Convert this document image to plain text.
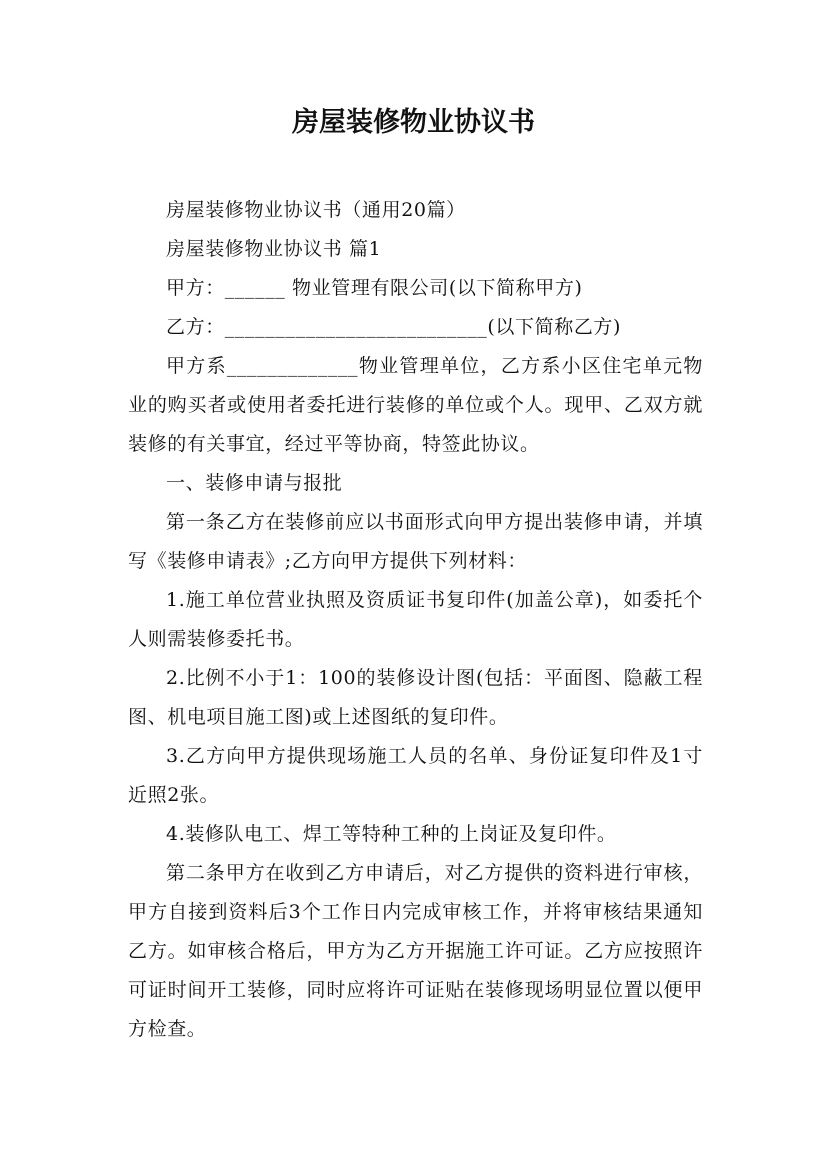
房屋装修物业协议书

房屋装修物业协议书（通用20篇）

房屋装修物业协议书 篇1

甲方：______ 物业管理有限公司(以下简称甲方)

乙方：__________________________(以下简称乙方)

甲方系_____________物业管理单位，乙方系小区住宅单元物业的购买者或使用者委托进行装修的单位或个人。现甲、乙双方就装修的有关事宜，经过平等协商，特签此协议。

一、装修申请与报批

第一条乙方在装修前应以书面形式向甲方提出装修申请，并填写《装修申请表》;乙方向甲方提供下列材料：

1.施工单位营业执照及资质证书复印件(加盖公章)，如委托个人则需装修委托书。

2.比例不小于1：100的装修设计图(包括：平面图、隐蔽工程图、机电项目施工图)或上述图纸的复印件。

3.乙方向甲方提供现场施工人员的名单、身份证复印件及1寸近照2张。

4.装修队电工、焊工等特种工种的上岗证及复印件。

第二条甲方在收到乙方申请后，对乙方提供的资料进行审核，甲方自接到资料后3个工作日内完成审核工作，并将审核结果通知乙方。如审核合格后，甲方为乙方开据施工许可证。乙方应按照许可证时间开工装修，同时应将许可证贴在装修现场明显位置以便甲方检查。
